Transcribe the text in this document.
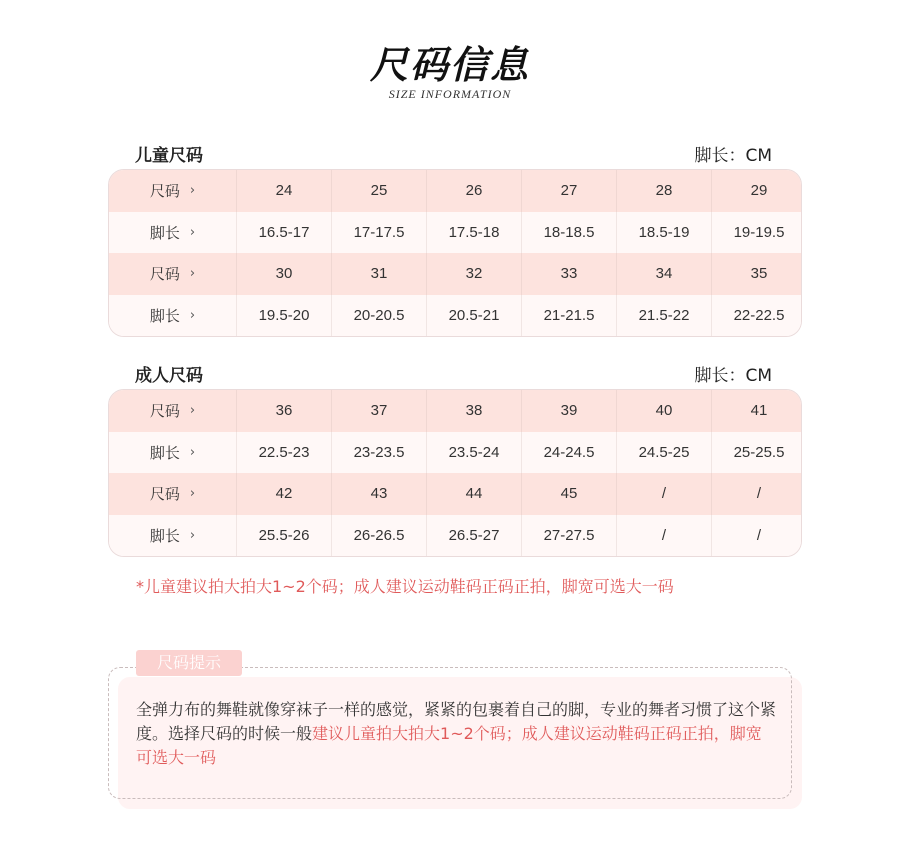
尺码信息
SIZE INFORMATION
儿童尺码	脚长：CM
尺码 ›	24	25	26	27	28	29
脚长 ›	16.5-17	17-17.5	17.5-18	18-18.5	18.5-19	19-19.5
尺码 ›	30	31	32	33	34	35
脚长 ›	19.5-20	20-20.5	20.5-21	21-21.5	21.5-22	22-22.5
成人尺码	脚长：CM
尺码 ›	36	37	38	39	40	41
脚长 ›	22.5-23	23-23.5	23.5-24	24-24.5	24.5-25	25-25.5
尺码 ›	42	43	44	45	/	/
脚长 ›	25.5-26	26-26.5	26.5-27	27-27.5	/	/
*儿童建议拍大拍大1~2个码；成人建议运动鞋码正码正拍，脚宽可选大一码
尺码提示
全弹力布的舞鞋就像穿袜子一样的感觉，紧紧的包裹着自己的脚，专业的舞者习惯了这个紧度。选择尺码的时候一般建议儿童拍大拍大1~2个码；成人建议运动鞋码正码正拍，脚宽可选大一码
